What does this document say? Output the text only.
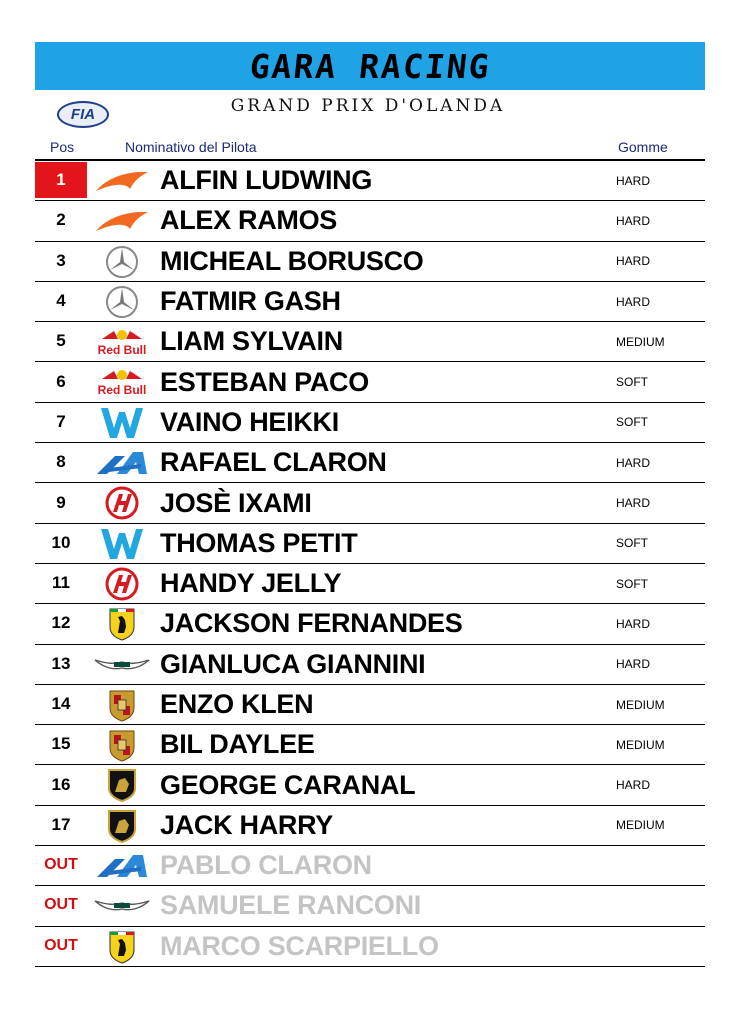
GARA RACING
FIA	GRAND PRIX D'OLANDA
Pos	Nominativo del Pilota	Gomme
1	ALFIN LUDWING	HARD
2	ALEX RAMOS	HARD
3	MICHEAL BORUSCO	HARD
4	FATMIR GASH	HARD
5	Red Bull LIAM SYLVAIN	MEDIUM
6	Red Bull ESTEBAN PACO	SOFT
7	VAINO HEIKKI	SOFT
8	RAFAEL CLARON	HARD
9	JOSÈ IXAMI	HARD
10	THOMAS PETIT	SOFT
11	HANDY JELLY	SOFT
12	JACKSON FERNANDES	HARD
13	GIANLUCA GIANNINI	HARD
14	ENZO KLEN	MEDIUM
15	BIL DAYLEE	MEDIUM
16	GEORGE CARANAL	HARD
17	JACK HARRY	MEDIUM
OUT	PABLO CLARON
OUT	SAMUELE RANCONI
OUT	MARCO SCARPIELLO
